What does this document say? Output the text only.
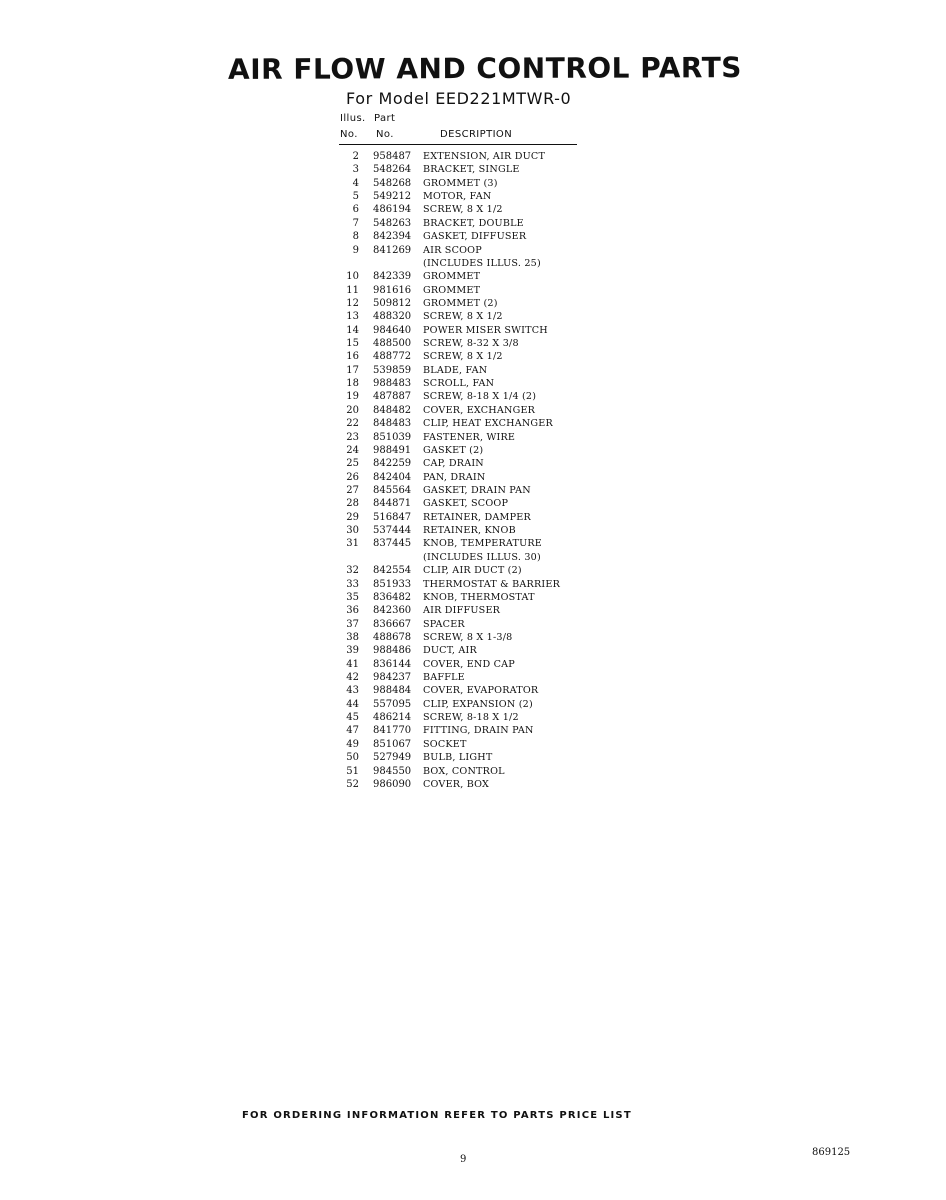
AIR FLOW AND CONTROL PARTS
For Model EED221MTWR-0
Illus. Part
No. No.	DESCRIPTION
2 958487 EXTENSION, AIR DUCT
3 548264 BRACKET, SINGLE
4 548268 GROMMET (3)
5 549212 MOTOR, FAN
6 486194 SCREW, 8 X 1/2
7 548263 BRACKET, DOUBLE
8 842394 GASKET, DIFFUSER
9 841269 AIR SCOOP
(INCLUDES ILLUS. 25)
10 842339 GROMMET
11 981616 GROMMET
12 509812 GROMMET (2)
13 488320 SCREW, 8 X 1/2
14 984640 POWER MISER SWITCH
15 488500 SCREW, 8-32 X 3/8
16 488772 SCREW, 8 X 1/2
17 539859 BLADE, FAN
18 988483 SCROLL, FAN
19 487887 SCREW, 8-18 X 1/4 (2)
20 848482 COVER, EXCHANGER
22 848483 CLIP, HEAT EXCHANGER
23 851039 FASTENER, WIRE
24 988491 GASKET (2)
25 842259 CAP, DRAIN
26 842404 PAN, DRAIN
27 845564 GASKET, DRAIN PAN
28 844871 GASKET, SCOOP
29 516847 RETAINER, DAMPER
30 537444 RETAINER, KNOB
31 837445 KNOB, TEMPERATURE
(INCLUDES ILLUS. 30)
32 842554 CLIP, AIR DUCT (2)
33 851933 THERMOSTAT & BARRIER
35 836482 KNOB, THERMOSTAT
36 842360 AIR DIFFUSER
37 836667 SPACER
38 488678 SCREW, 8 X 1-3/8
39 988486 DUCT, AIR
41 836144 COVER, END CAP
42 984237 BAFFLE
43 988484 COVER, EVAPORATOR
44 557095 CLIP, EXPANSION (2)
45 486214 SCREW, 8-18 X 1/2
47 841770 FITTING, DRAIN PAN
49 851067 SOCKET
50 527949 BULB, LIGHT
51 984550 BOX, CONTROL
52 986090 COVER, BOX
FOR ORDERING INFORMATION REFER TO PARTS PRICE LIST
9
869125
